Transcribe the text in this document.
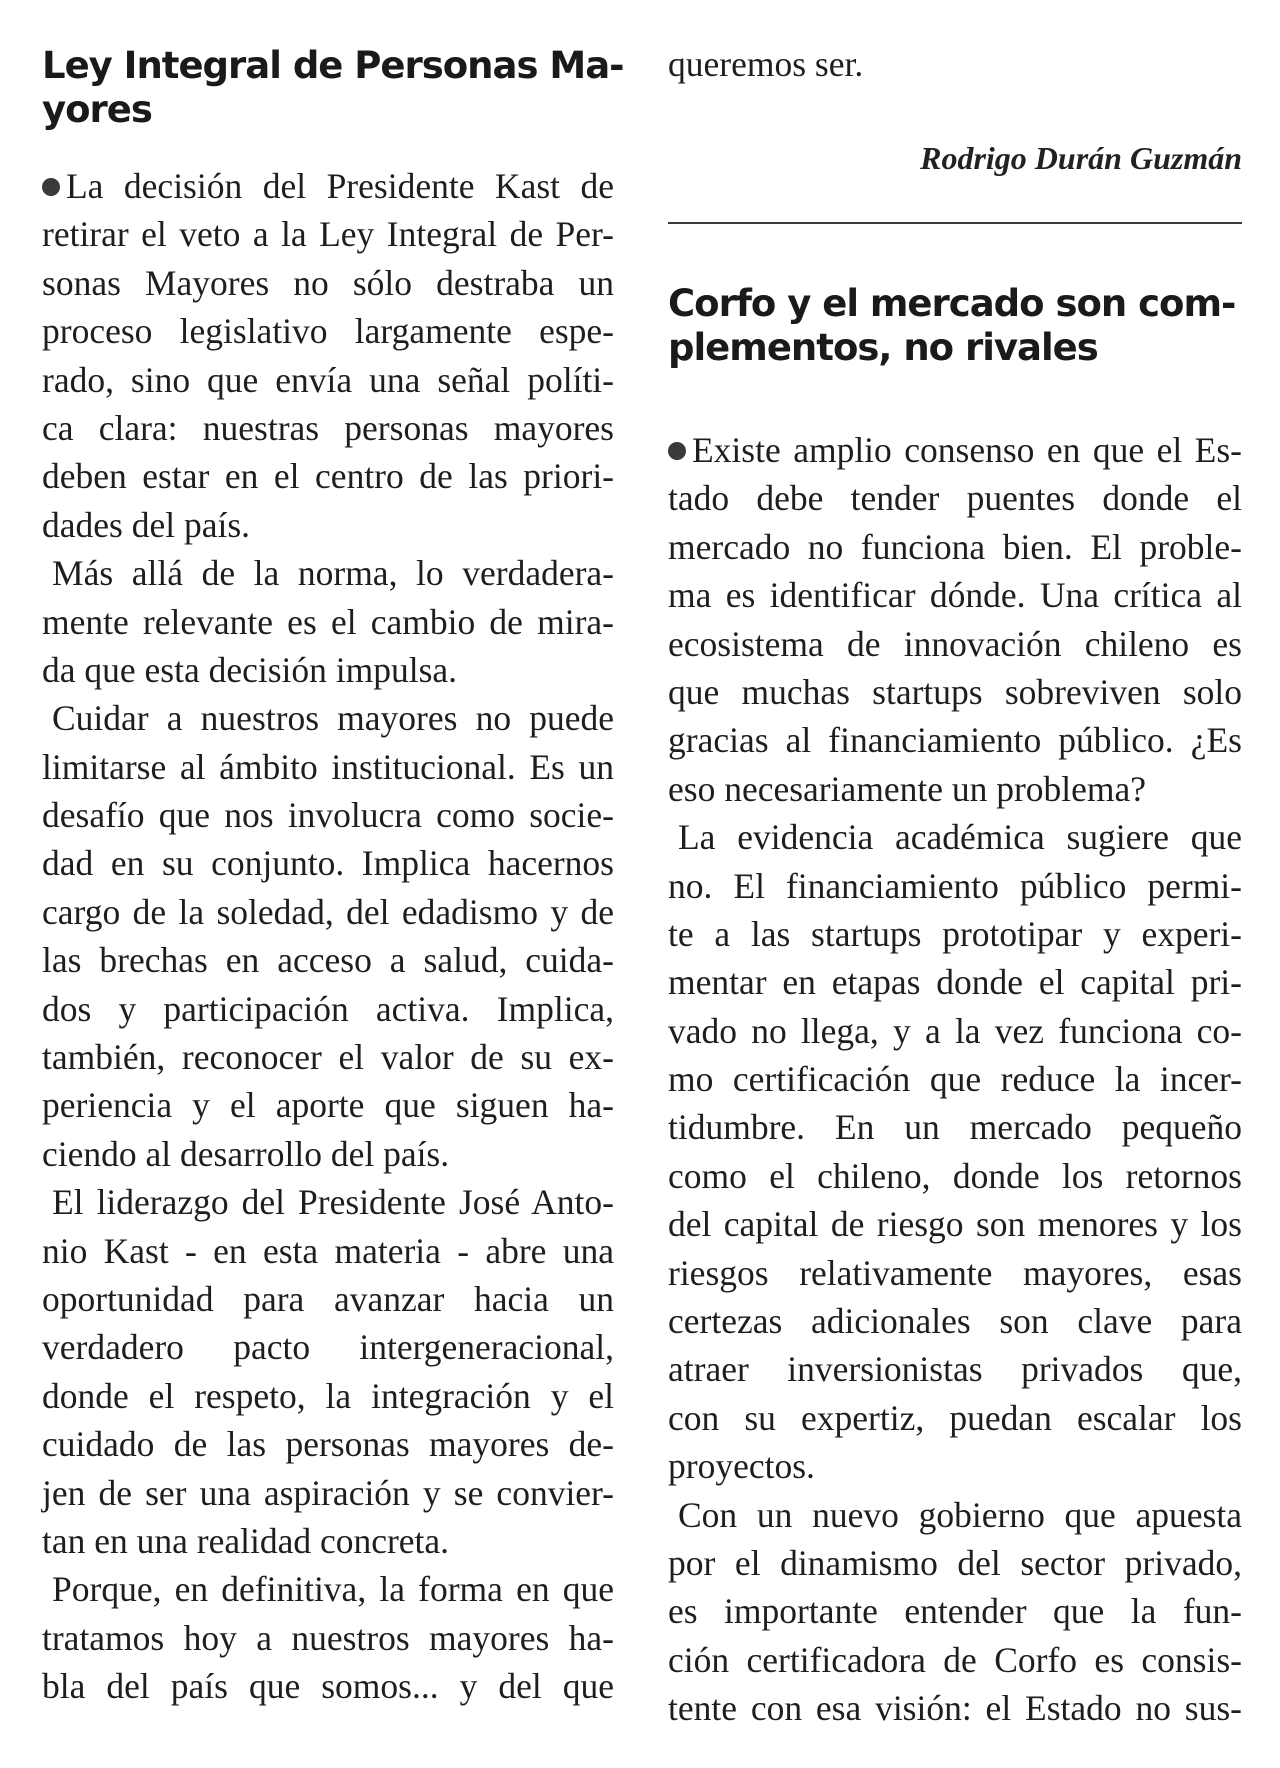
Ley Integral de Personas Ma-
yores
La decisión del Presidente Kast de
retirar el veto a la Ley Integral de Per-
sonas Mayores no sólo destraba un
proceso legislativo largamente espe-
rado, sino que envía una señal políti-
ca clara: nuestras personas mayores
deben estar en el centro de las priori-
dades del país.
Más allá de la norma, lo verdadera-
mente relevante es el cambio de mira-
da que esta decisión impulsa.
Cuidar a nuestros mayores no puede
limitarse al ámbito institucional. Es un
desafío que nos involucra como socie-
dad en su conjunto. Implica hacernos
cargo de la soledad, del edadismo y de
las brechas en acceso a salud, cuida-
dos y participación activa. Implica,
también, reconocer el valor de su ex-
periencia y el aporte que siguen ha-
ciendo al desarrollo del país.
El liderazgo del Presidente José Anto-
nio Kast - en esta materia - abre una
oportunidad para avanzar hacia un
verdadero pacto intergeneracional,
donde el respeto, la integración y el
cuidado de las personas mayores de-
jen de ser una aspiración y se convier-
tan en una realidad concreta.
Porque, en definitiva, la forma en que
tratamos hoy a nuestros mayores ha-
bla del país que somos... y del que
queremos ser.
Rodrigo Durán Guzmán
Corfo y el mercado son com-
plementos, no rivales
Existe amplio consenso en que el Es-
tado debe tender puentes donde el
mercado no funciona bien. El proble-
ma es identificar dónde. Una crítica al
ecosistema de innovación chileno es
que muchas startups sobreviven solo
gracias al financiamiento público. ¿Es
eso necesariamente un problema?
La evidencia académica sugiere que
no. El financiamiento público permi-
te a las startups prototipar y experi-
mentar en etapas donde el capital pri-
vado no llega, y a la vez funciona co-
mo certificación que reduce la incer-
tidumbre. En un mercado pequeño
como el chileno, donde los retornos
del capital de riesgo son menores y los
riesgos relativamente mayores, esas
certezas adicionales son clave para
atraer inversionistas privados que,
con su expertiz, puedan escalar los
proyectos.
Con un nuevo gobierno que apuesta
por el dinamismo del sector privado,
es importante entender que la fun-
ción certificadora de Corfo es consis-
tente con esa visión: el Estado no sus-
